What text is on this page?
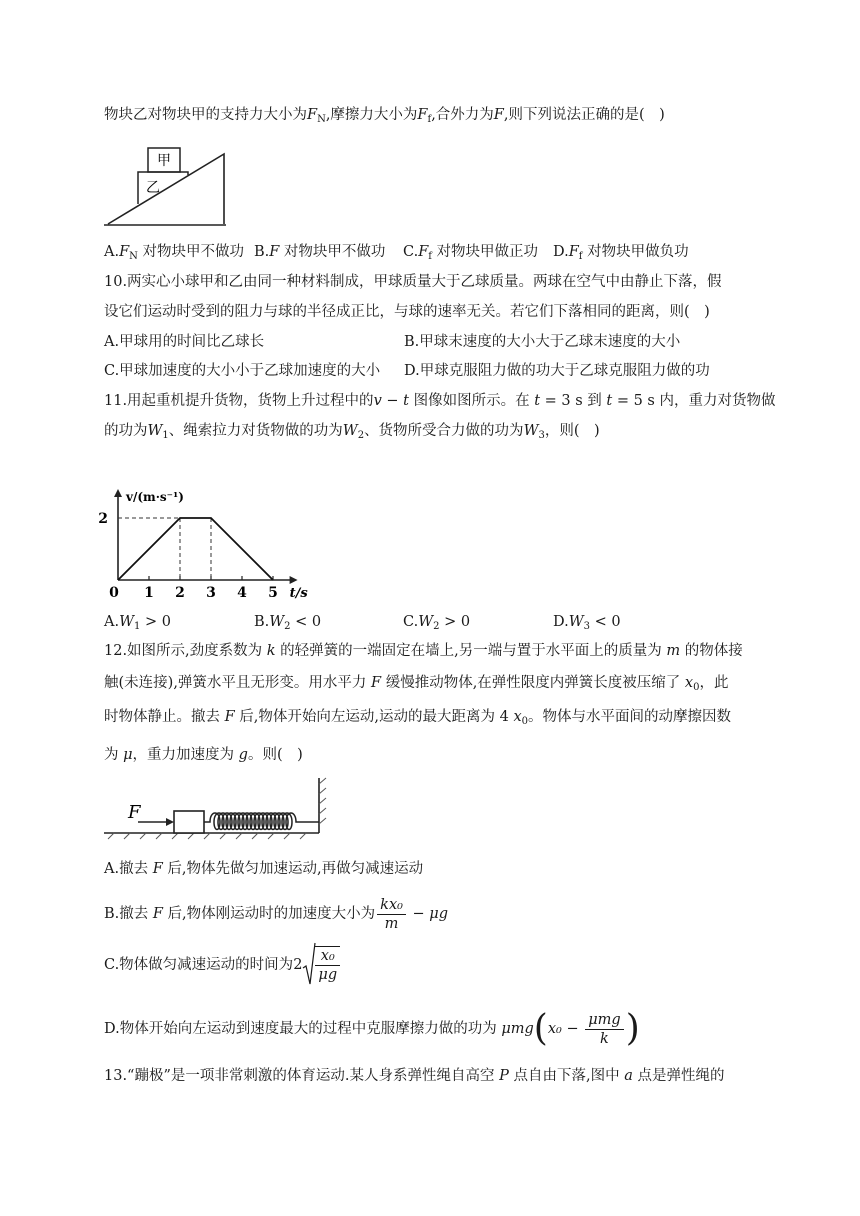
物块乙对物块甲的支持力大小为$F_N$,摩擦力大小为$F_f$,合外力为F,则下列说法正确的是(　)
甲
乙
$A.F_N$ 对物块甲不做功 B.F 对物块甲不做功 $C.F_f$ 对物块甲做正功 $D.F_f$ 对物块甲做负功
10.两实心小球甲和乙由同一种材料制成，甲球质量大于乙球质量。两球在空气中由静止下落，假
设它们运动时受到的阻力与球的半径成正比，与球的速率无关。若它们下落相同的距离，则(　)
A.甲球用的时间比乙球长	B.甲球末速度的大小大于乙球末速度的大小
C.甲球加速度的大小小于乙球加速度的大小 D.甲球克服阻力做的功大于乙球克服阻力做的功
11.用起重机提升货物，货物上升过程中的v − t 图像如图所示。在 t = 3 s 到 t = 5 s 内，重力对货物做
的功为$W_1$、绳索拉力对货物做的功为$W_2$、货物所受合力做的功为$W_3$，则(　)
1 2 3 4 5
2
0
v/(m·s⁻¹)
t/s
$A.W_1 > 0$	$B.W_2 < 0$	$C.W_2 > 0$	$D.W_3 < 0$
12.如图所示,劲度系数为 k 的轻弹簧的一端固定在墙上,另一端与置于水平面上的质量为 m 的物体接
触(未连接),弹簧水平且无形变。用水平力 F 缓慢推动物体,在弹性限度内弹簧长度被压缩了 $x_0$，此
时物体静止。撤去 F 后,物体开始向左运动,运动的最大距离为 4 $x_0$。物体与水平面间的动摩擦因数
为 μ，重力加速度为 g。则(　)
F
A.撤去 F 后,物体先做匀加速运动,再做匀减速运动
B.撤去 F 后,物体刚运动时的加速度大小为 $\frac{\text{kx₀}}{m} - \mu g$
C.物体做匀减速运动的时间为$2 \frac{\text{x₀}}{\mu g}$
D.物体开始向左运动到速度最大的过程中克服摩擦力做的功为 $\mu mg(x_0 - \frac{\text{μmg}}{k}$ )
13.“蹦极”是一项非常刺激的体育运动.某人身系弹性绳自高空 P 点自由下落,图中 a 点是弹性绳的
